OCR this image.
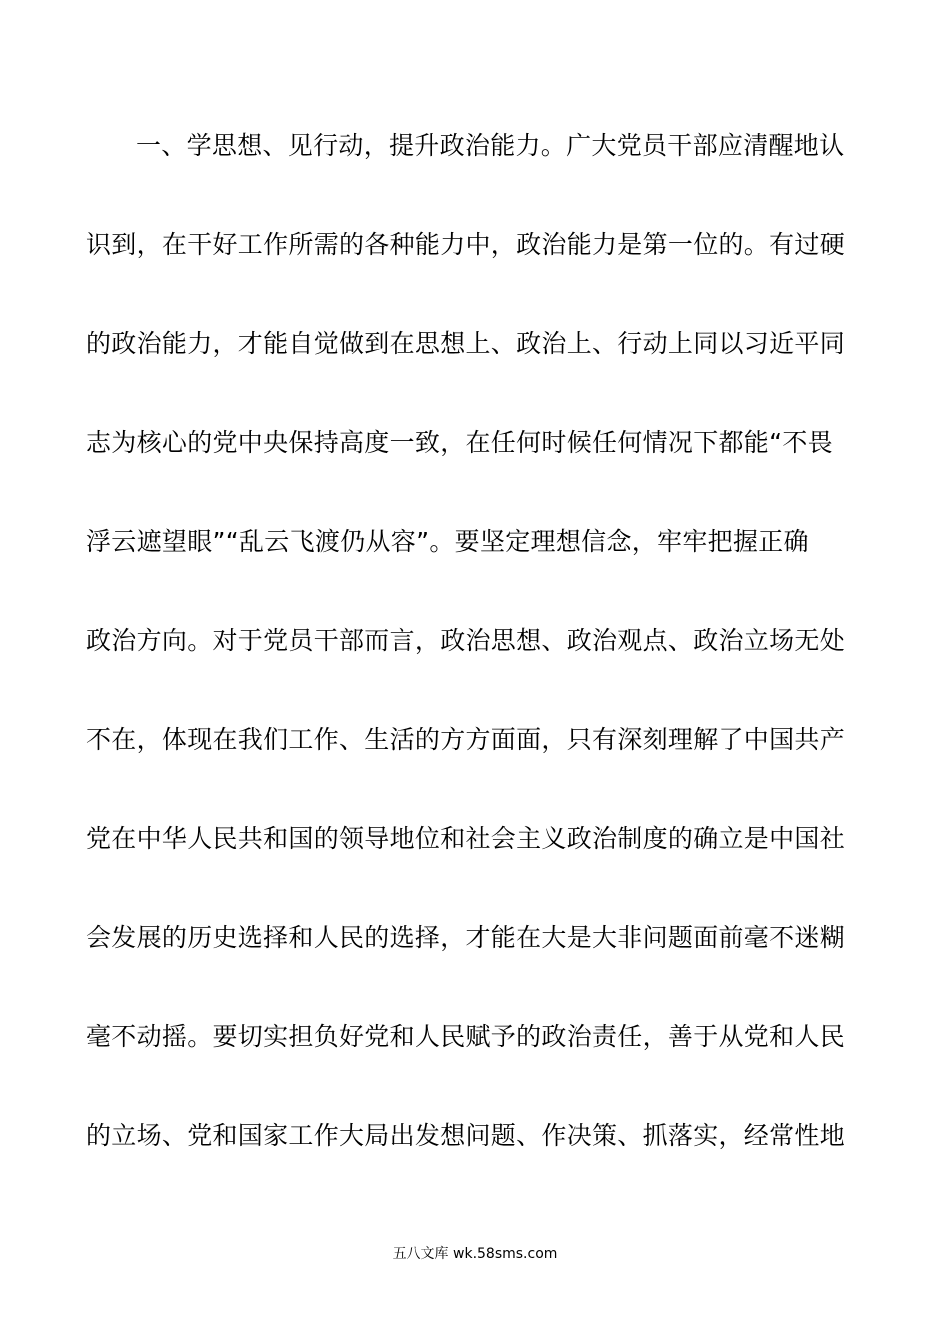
一、学思想、见行动，提升政治能力。广大党员干部应清醒地认
识到，在干好工作所需的各种能力中，政治能力是第一位的。有过硬
的政治能力，才能自觉做到在思想上、政治上、行动上同以习近平同
志为核心的党中央保持高度一致，在任何时候任何情况下都能“不畏
浮云遮望眼”“乱云飞渡仍从容”。要坚定理想信念，牢牢把握正确
政治方向。对于党员干部而言，政治思想、政治观点、政治立场无处
不在，体现在我们工作、生活的方方面面，只有深刻理解了中国共产
党在中华人民共和国的领导地位和社会主义政治制度的确立是中国社
会发展的历史选择和人民的选择，才能在大是大非问题面前毫不迷糊
毫不动摇。要切实担负好党和人民赋予的政治责任，善于从党和人民
的立场、党和国家工作大局出发想问题、作决策、抓落实，经常性地
五八文库 wk.58sms.com
